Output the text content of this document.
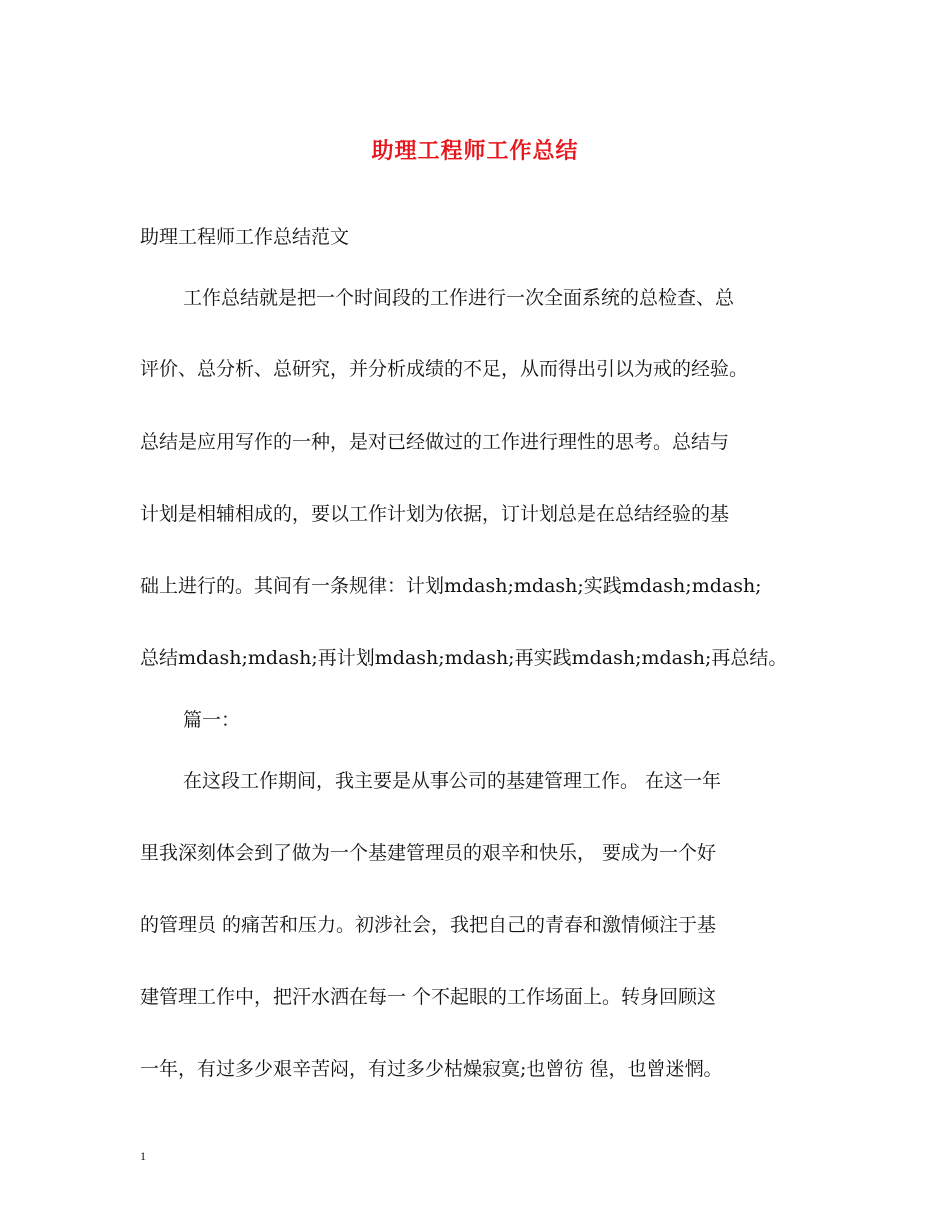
助理工程师工作总结
助理工程师工作总结范文
工作总结就是把一个时间段的工作进行一次全面系统的总检查、总
评价、总分析、总研究，并分析成绩的不足，从而得出引以为戒的经验。
总结是应用写作的一种，是对已经做过的工作进行理性的思考。总结与
计划是相辅相成的，要以工作计划为依据，订计划总是在总结经验的基
础上进行的。其间有一条规律：计划mdash;mdash;实践mdash;mdash;
总结mdash;mdash;再计划mdash;mdash;再实践mdash;mdash;再总结。
篇一：
在这段工作期间，我主要是从事公司的基建管理工作。 在这一年
里我深刻体会到了做为一个基建管理员的艰辛和快乐， 要成为一个好
的管理员 的痛苦和压力。初涉社会，我把自己的青春和激情倾注于基
建管理工作中，把汗水洒在每一 个不起眼的工作场面上。转身回顾这
一年，有过多少艰辛苦闷，有过多少枯燥寂寞;也曾彷 徨，也曾迷惘。
1
